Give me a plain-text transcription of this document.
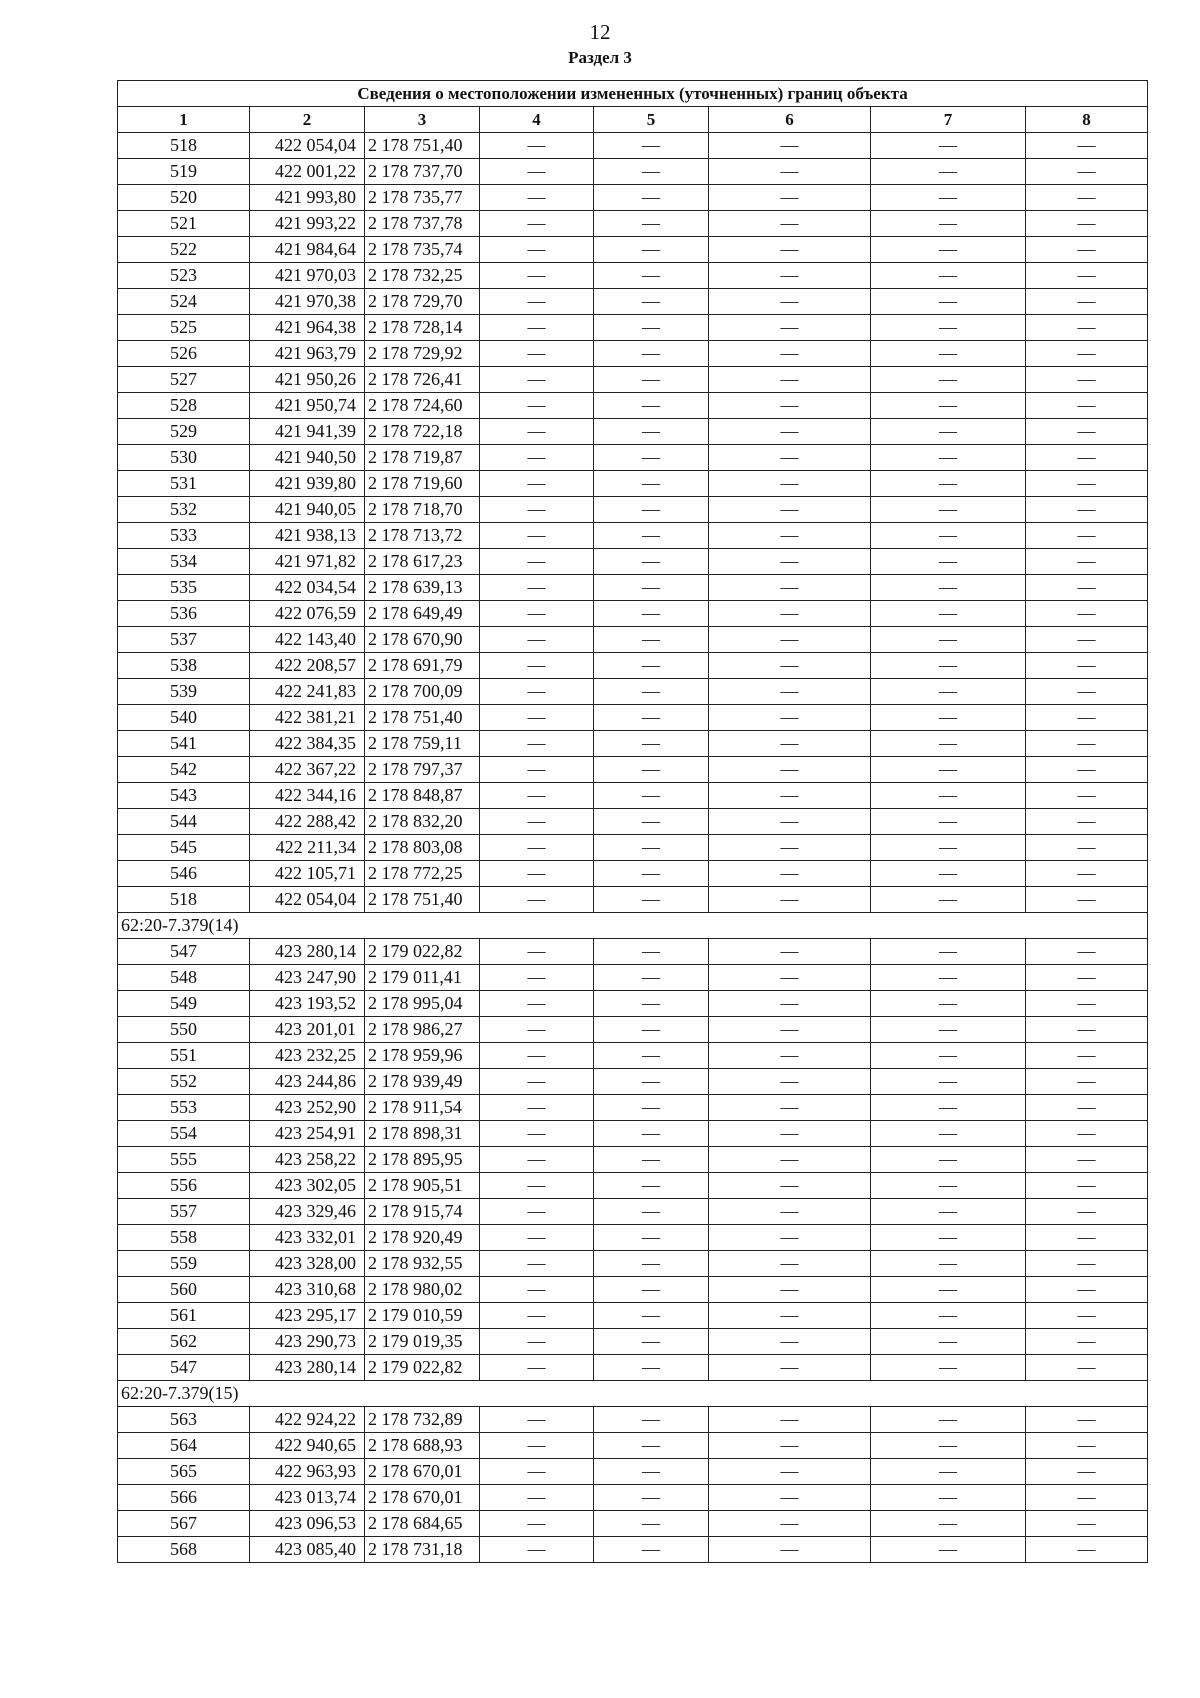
12
Раздел 3
Сведения о местоположении измененных (уточненных) границ объекта							
1	2	3	4	5	6	7	8
518	422 054,04	2 178 751,40	—	—	—	—	—
519	422 001,22	2 178 737,70	—	—	—	—	—
520	421 993,80	2 178 735,77	—	—	—	—	—
521	421 993,22	2 178 737,78	—	—	—	—	—
522	421 984,64	2 178 735,74	—	—	—	—	—
523	421 970,03	2 178 732,25	—	—	—	—	—
524	421 970,38	2 178 729,70	—	—	—	—	—
525	421 964,38	2 178 728,14	—	—	—	—	—
526	421 963,79	2 178 729,92	—	—	—	—	—
527	421 950,26	2 178 726,41	—	—	—	—	—
528	421 950,74	2 178 724,60	—	—	—	—	—
529	421 941,39	2 178 722,18	—	—	—	—	—
530	421 940,50	2 178 719,87	—	—	—	—	—
531	421 939,80	2 178 719,60	—	—	—	—	—
532	421 940,05	2 178 718,70	—	—	—	—	—
533	421 938,13	2 178 713,72	—	—	—	—	—
534	421 971,82	2 178 617,23	—	—	—	—	—
535	422 034,54	2 178 639,13	—	—	—	—	—
536	422 076,59	2 178 649,49	—	—	—	—	—
537	422 143,40	2 178 670,90	—	—	—	—	—
538	422 208,57	2 178 691,79	—	—	—	—	—
539	422 241,83	2 178 700,09	—	—	—	—	—
540	422 381,21	2 178 751,40	—	—	—	—	—
541	422 384,35	2 178 759,11	—	—	—	—	—
542	422 367,22	2 178 797,37	—	—	—	—	—
543	422 344,16	2 178 848,87	—	—	—	—	—
544	422 288,42	2 178 832,20	—	—	—	—	—
545	422 211,34	2 178 803,08	—	—	—	—	—
546	422 105,71	2 178 772,25	—	—	—	—	—
518	422 054,04	2 178 751,40	—	—	—	—	—
62:20-7.379(14)							
547	423 280,14	2 179 022,82	—	—	—	—	—
548	423 247,90	2 179 011,41	—	—	—	—	—
549	423 193,52	2 178 995,04	—	—	—	—	—
550	423 201,01	2 178 986,27	—	—	—	—	—
551	423 232,25	2 178 959,96	—	—	—	—	—
552	423 244,86	2 178 939,49	—	—	—	—	—
553	423 252,90	2 178 911,54	—	—	—	—	—
554	423 254,91	2 178 898,31	—	—	—	—	—
555	423 258,22	2 178 895,95	—	—	—	—	—
556	423 302,05	2 178 905,51	—	—	—	—	—
557	423 329,46	2 178 915,74	—	—	—	—	—
558	423 332,01	2 178 920,49	—	—	—	—	—
559	423 328,00	2 178 932,55	—	—	—	—	—
560	423 310,68	2 178 980,02	—	—	—	—	—
561	423 295,17	2 179 010,59	—	—	—	—	—
562	423 290,73	2 179 019,35	—	—	—	—	—
547	423 280,14	2 179 022,82	—	—	—	—	—
62:20-7.379(15)							
563	422 924,22	2 178 732,89	—	—	—	—	—
564	422 940,65	2 178 688,93	—	—	—	—	—
565	422 963,93	2 178 670,01	—	—	—	—	—
566	423 013,74	2 178 670,01	—	—	—	—	—
567	423 096,53	2 178 684,65	—	—	—	—	—
568	423 085,40	2 178 731,18	—	—	—	—	—
